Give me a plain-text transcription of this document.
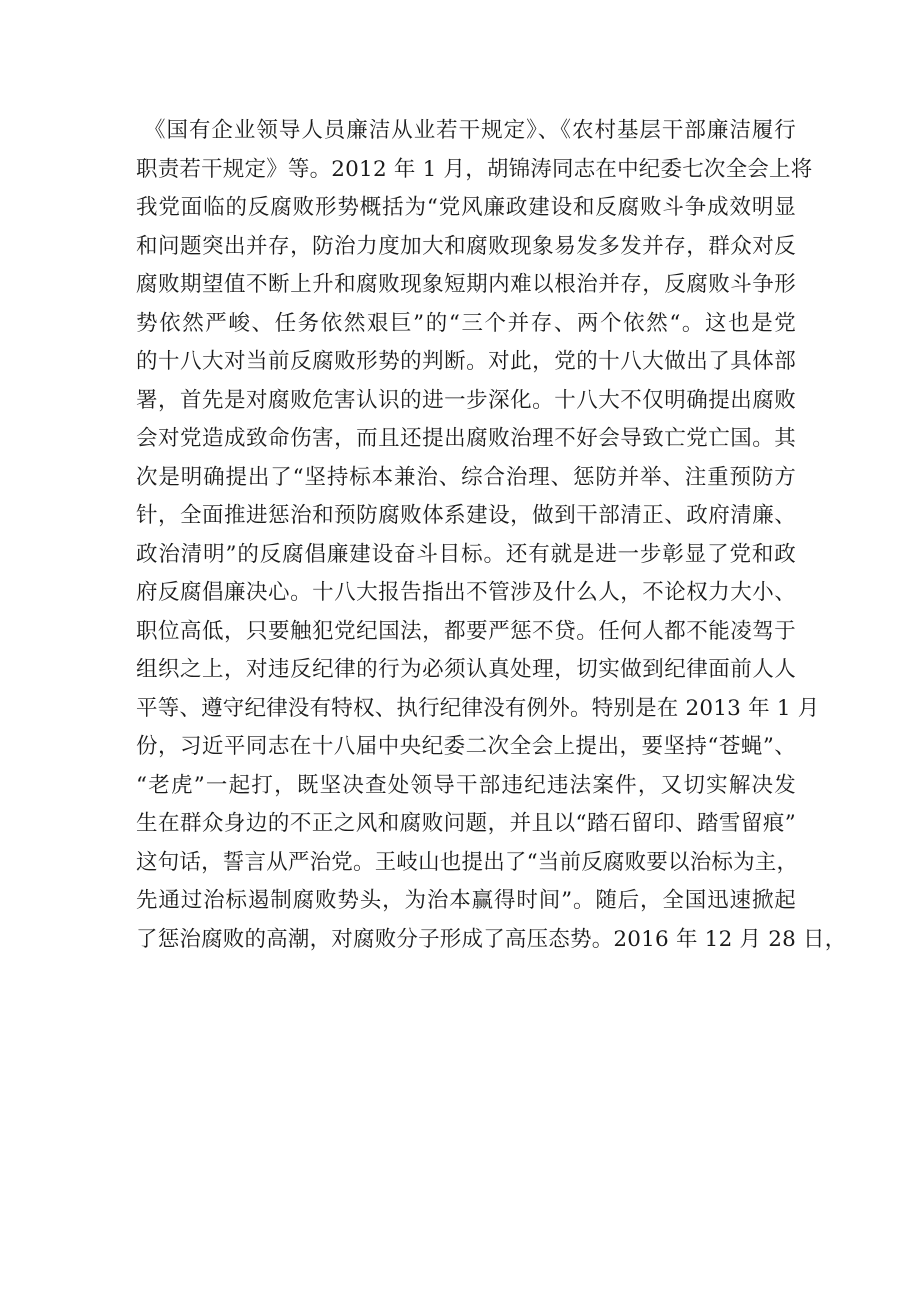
《国有企业领导人员廉洁从业若干规定》、《农村基层干部廉洁履行
职责若干规定》等。2012 年 1 月，胡锦涛同志在中纪委七次全会上将
我党面临的反腐败形势概括为“党风廉政建设和反腐败斗争成效明显
和问题突出并存，防治力度加大和腐败现象易发多发并存，群众对反
腐败期望值不断上升和腐败现象短期内难以根治并存，反腐败斗争形
势依然严峻、任务依然艰巨”的“三个并存、两个依然“。这也是党
的十八大对当前反腐败形势的判断。对此，党的十八大做出了具体部
署，首先是对腐败危害认识的进一步深化。十八大不仅明确提出腐败
会对党造成致命伤害，而且还提出腐败治理不好会导致亡党亡国。其
次是明确提出了“坚持标本兼治、综合治理、惩防并举、注重预防方
针，全面推进惩治和预防腐败体系建设，做到干部清正、政府清廉、
政治清明”的反腐倡廉建设奋斗目标。还有就是进一步彰显了党和政
府反腐倡廉决心。十八大报告指出不管涉及什么人，不论权力大小、
职位高低，只要触犯党纪国法，都要严惩不贷。任何人都不能凌驾于
组织之上，对违反纪律的行为必须认真处理，切实做到纪律面前人人
平等、遵守纪律没有特权、执行纪律没有例外。特别是在 2013 年 1 月
份，习近平同志在十八届中央纪委二次全会上提出，要坚持“苍蝇”、
“老虎”一起打，既坚决查处领导干部违纪违法案件，又切实解决发
生在群众身边的不正之风和腐败问题，并且以“踏石留印、踏雪留痕”
这句话，誓言从严治党。王岐山也提出了“当前反腐败要以治标为主，
先通过治标遏制腐败势头，为治本赢得时间”。随后，全国迅速掀起
了惩治腐败的高潮，对腐败分子形成了高压态势。2016 年 12 月 28 日，
